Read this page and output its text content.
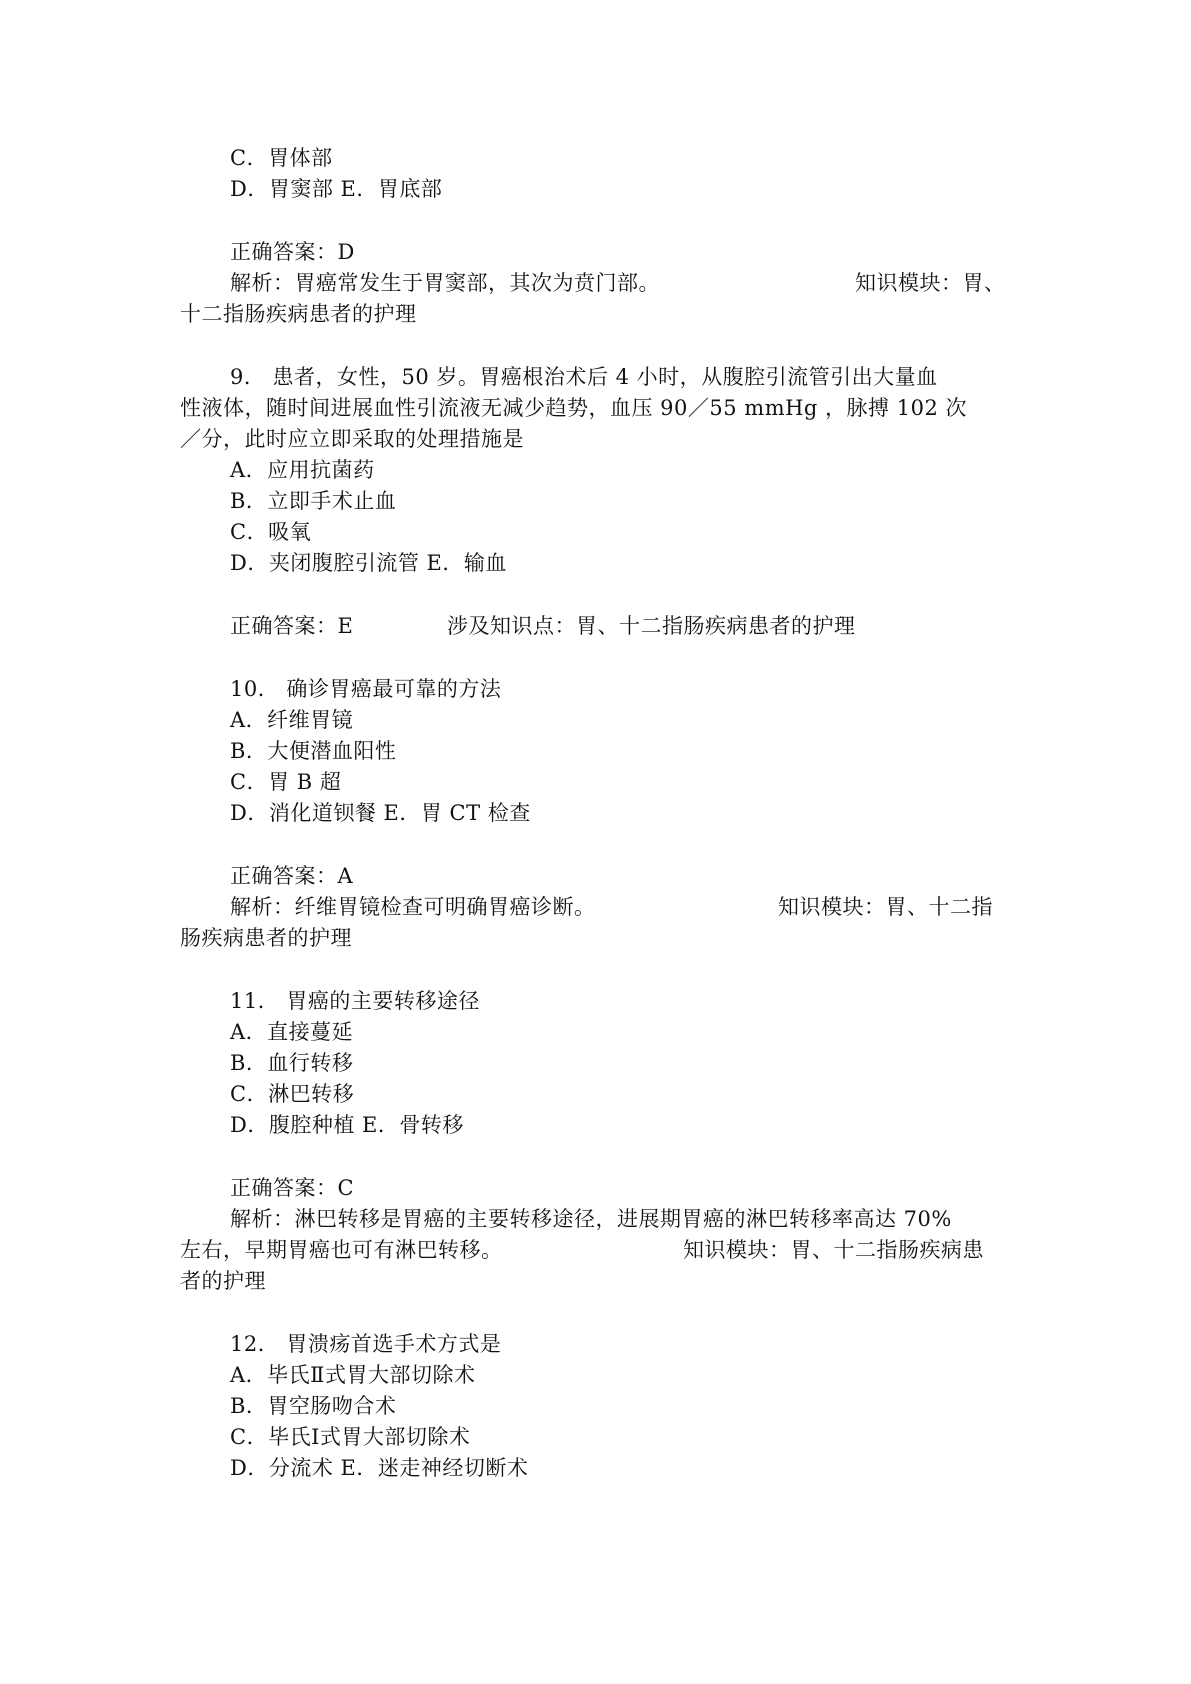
C．胃体部
D．胃窦部 E．胃底部
正确答案：D
解析：胃癌常发生于胃窦部，其次为贲门部。	知识模块：胃、
十二指肠疾病患者的护理
9． 患者，女性，50 岁。胃癌根治术后 4 小时，从腹腔引流管引出大量血
性液体，随时间进展血性引流液无减少趋势，血压 90／55 mmHg ，脉搏 102 次
／分，此时应立即采取的处理措施是
A．应用抗菌药
B．立即手术止血
C．吸氧
D．夹闭腹腔引流管 E．输血
正确答案：E	涉及知识点：胃、十二指肠疾病患者的护理
10． 确诊胃癌最可靠的方法
A．纤维胃镜
B．大便潜血阳性
C．胃 B 超
D．消化道钡餐 E．胃 CT 检查
正确答案：A
解析：纤维胃镜检查可明确胃癌诊断。	知识模块：胃、十二指
肠疾病患者的护理
11． 胃癌的主要转移途径
A．直接蔓延
B．血行转移
C．淋巴转移
D．腹腔种植 E．骨转移
正确答案：C
解析：淋巴转移是胃癌的主要转移途径，进展期胃癌的淋巴转移率高达 70%
左右，早期胃癌也可有淋巴转移。	知识模块：胃、十二指肠疾病患
者的护理
12． 胃溃疡首选手术方式是
A．毕氏Ⅱ式胃大部切除术
B．胃空肠吻合术
C．毕氏Ⅰ式胃大部切除术
D．分流术 E．迷走神经切断术
